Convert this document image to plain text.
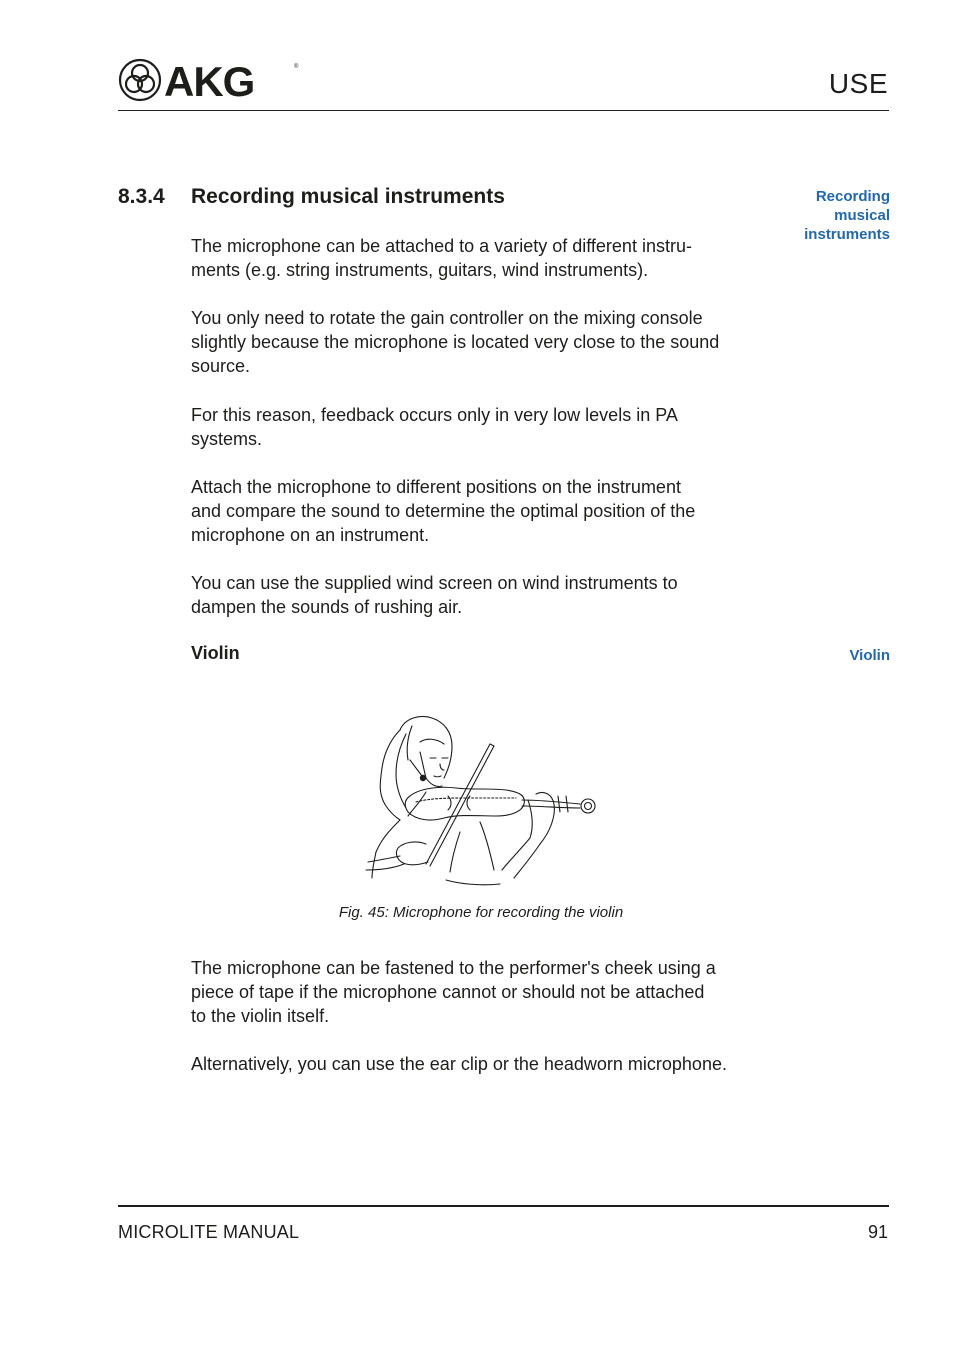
AKG	®
USE
8.3.4 Recording musical instruments	Recording
musical
instruments

The microphone can be attached to a variety of different instru-
ments (e.g. string instruments, guitars, wind instruments).

You only need to rotate the gain controller on the mixing console
slightly because the microphone is located very close to the sound
source.

For this reason, feedback occurs only in very low levels in PA
systems.

Attach the microphone to different positions on the instrument
and compare the sound to determine the optimal position of the
microphone on an instrument.

You can use the supplied wind screen on wind instruments to
dampen the sounds of rushing air.

Violin	Violin
Fig. 45: Microphone for recording the violin

The microphone can be fastened to the performer's cheek using a
piece of tape if the microphone cannot or should not be attached
to the violin itself.

Alternatively, you can use the ear clip or the headworn microphone.

MICROLITE MANUAL	91
